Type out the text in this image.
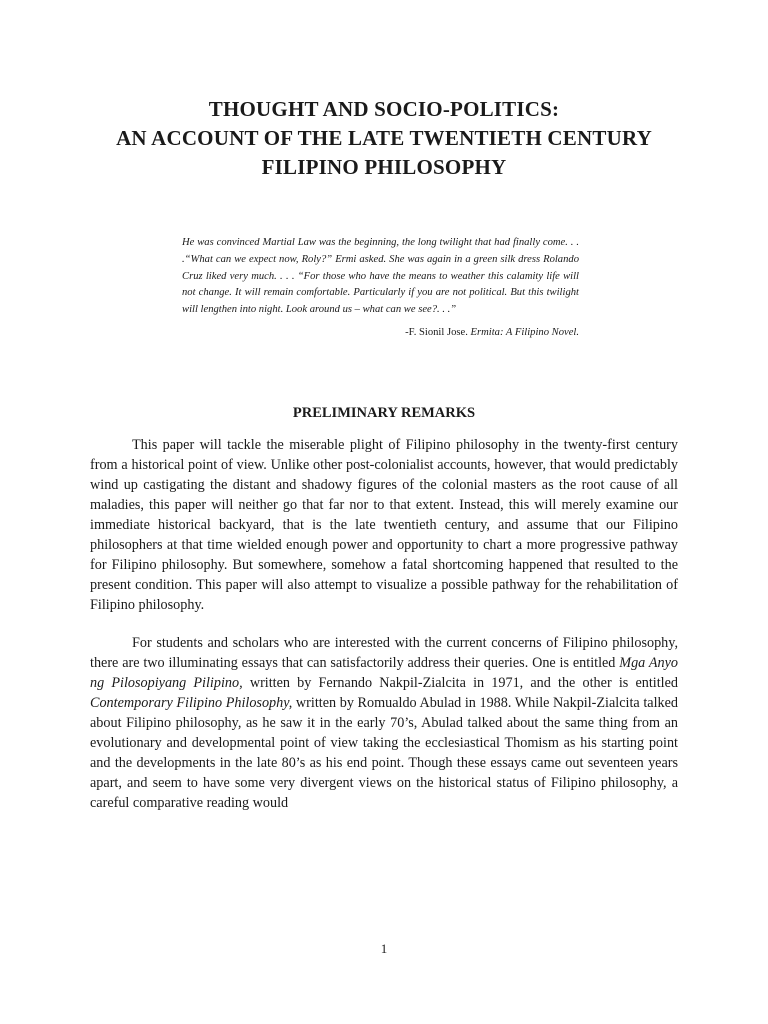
THOUGHT AND SOCIO-POLITICS:
AN ACCOUNT OF THE LATE TWENTIETH CENTURY
FILIPINO PHILOSOPHY
He was convinced Martial Law was the beginning, the long twilight that had finally come. . . .“What can we expect now, Roly?” Ermi asked. She was again in a green silk dress Rolando Cruz liked very much. . . . “For those who have the means to weather this calamity life will not change. It will remain comfortable. Particularly if you are not political. But this twilight will lengthen into night. Look around us – what can we see?. . .”
-F. Sionil Jose. Ermita: A Filipino Novel.
PRELIMINARY REMARKS
This paper will tackle the miserable plight of Filipino philosophy in the twenty-first century from a historical point of view. Unlike other post-colonialist accounts, however, that would predictably wind up castigating the distant and shadowy figures of the colonial masters as the root cause of all maladies, this paper will neither go that far nor to that extent. Instead, this will merely examine our immediate historical backyard, that is the late twentieth century, and assume that our Filipino philosophers at that time wielded enough power and opportunity to chart a more progressive pathway for Filipino philosophy. But somewhere, somehow a fatal shortcoming happened that resulted to the present condition. This paper will also attempt to visualize a possible pathway for the rehabilitation of Filipino philosophy.
For students and scholars who are interested with the current concerns of Filipino philosophy, there are two illuminating essays that can satisfactorily address their queries. One is entitled Mga Anyo ng Pilosopiyang Pilipino, written by Fernando Nakpil-Zialcita in 1971, and the other is entitled Contemporary Filipino Philosophy, written by Romualdo Abulad in 1988. While Nakpil-Zialcita talked about Filipino philosophy, as he saw it in the early 70’s, Abulad talked about the same thing from an evolutionary and developmental point of view taking the ecclesiastical Thomism as his starting point and the developments in the late 80’s as his end point. Though these essays came out seventeen years apart, and seem to have some very divergent views on the historical status of Filipino philosophy, a careful comparative reading would
1
